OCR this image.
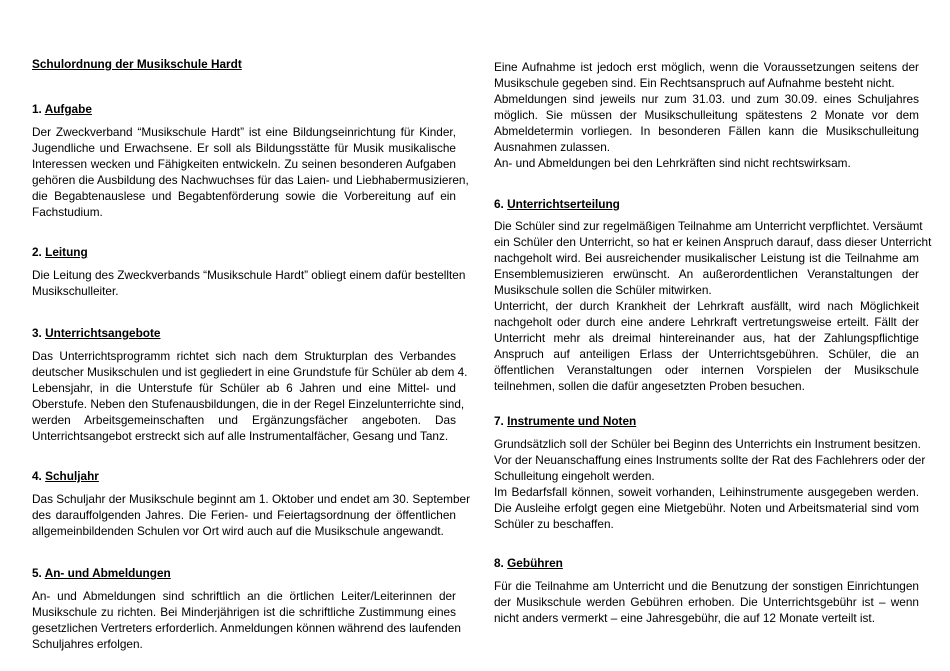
Schulordnung der Musikschule Hardt
1. Aufgabe
Der Zweckverband “Musikschule Hardt” ist eine Bildungseinrichtung für Kinder,
Jugendliche und Erwachsene. Er soll als Bildungsstätte für Musik musikalische
Interessen wecken und Fähigkeiten entwickeln. Zu seinen besonderen Aufgaben
gehören die Ausbildung des Nachwuchses für das Laien- und Liebhabermusizieren,
die Begabtenauslese und Begabtenförderung sowie die Vorbereitung auf ein
Fachstudium.
2. Leitung
Die Leitung des Zweckverbands “Musikschule Hardt” obliegt einem dafür bestellten
Musikschulleiter.
3. Unterrichtsangebote
Das Unterrichtsprogramm richtet sich nach dem Strukturplan des Verbandes
deutscher Musikschulen und ist gegliedert in eine Grundstufe für Schüler ab dem 4.
Lebensjahr, in die Unterstufe für Schüler ab 6 Jahren und eine Mittel- und
Oberstufe. Neben den Stufenausbildungen, die in der Regel Einzelunterrichte sind,
werden Arbeitsgemeinschaften und Ergänzungsfächer angeboten. Das
Unterrichtsangebot erstreckt sich auf alle Instrumentalfächer, Gesang und Tanz.
4. Schuljahr
Das Schuljahr der Musikschule beginnt am 1. Oktober und endet am 30. September
des darauffolgenden Jahres. Die Ferien- und Feiertagsordnung der öffentlichen
allgemeinbildenden Schulen vor Ort wird auch auf die Musikschule angewandt.
5. An- und Abmeldungen
An- und Abmeldungen sind schriftlich an die örtlichen Leiter/Leiterinnen der
Musikschule zu richten. Bei Minderjährigen ist die schriftliche Zustimmung eines
gesetzlichen Vertreters erforderlich. Anmeldungen können während des laufenden
Schuljahres erfolgen.
Eine Aufnahme ist jedoch erst möglich, wenn die Voraussetzungen seitens der
Musikschule gegeben sind. Ein Rechtsanspruch auf Aufnahme besteht nicht.
Abmeldungen sind jeweils nur zum 31.03. und zum 30.09. eines Schuljahres
möglich. Sie müssen der Musikschulleitung spätestens 2 Monate vor dem
Abmeldetermin vorliegen. In besonderen Fällen kann die Musikschulleitung
Ausnahmen zulassen.
An- und Abmeldungen bei den Lehrkräften sind nicht rechtswirksam.
6. Unterrichtserteilung
Die Schüler sind zur regelmäßigen Teilnahme am Unterricht verpflichtet. Versäumt
ein Schüler den Unterricht, so hat er keinen Anspruch darauf, dass dieser Unterricht
nachgeholt wird. Bei ausreichender musikalischer Leistung ist die Teilnahme am
Ensemblemusizieren erwünscht. An außerordentlichen Veranstaltungen der
Musikschule sollen die Schüler mitwirken.
Unterricht, der durch Krankheit der Lehrkraft ausfällt, wird nach Möglichkeit
nachgeholt oder durch eine andere Lehrkraft vertretungsweise erteilt. Fällt der
Unterricht mehr als dreimal hintereinander aus, hat der Zahlungspflichtige
Anspruch auf anteiligen Erlass der Unterrichtsgebühren. Schüler, die an
öffentlichen Veranstaltungen oder internen Vorspielen der Musikschule
teilnehmen, sollen die dafür angesetzten Proben besuchen.
7. Instrumente und Noten
Grundsätzlich soll der Schüler bei Beginn des Unterrichts ein Instrument besitzen.
Vor der Neuanschaffung eines Instruments sollte der Rat des Fachlehrers oder der
Schulleitung eingeholt werden.
Im Bedarfsfall können, soweit vorhanden, Leihinstrumente ausgegeben werden.
Die Ausleihe erfolgt gegen eine Mietgebühr. Noten und Arbeitsmaterial sind vom
Schüler zu beschaffen.
8. Gebühren
Für die Teilnahme am Unterricht und die Benutzung der sonstigen Einrichtungen
der Musikschule werden Gebühren erhoben. Die Unterrichtsgebühr ist – wenn
nicht anders vermerkt – eine Jahresgebühr, die auf 12 Monate verteilt ist.
